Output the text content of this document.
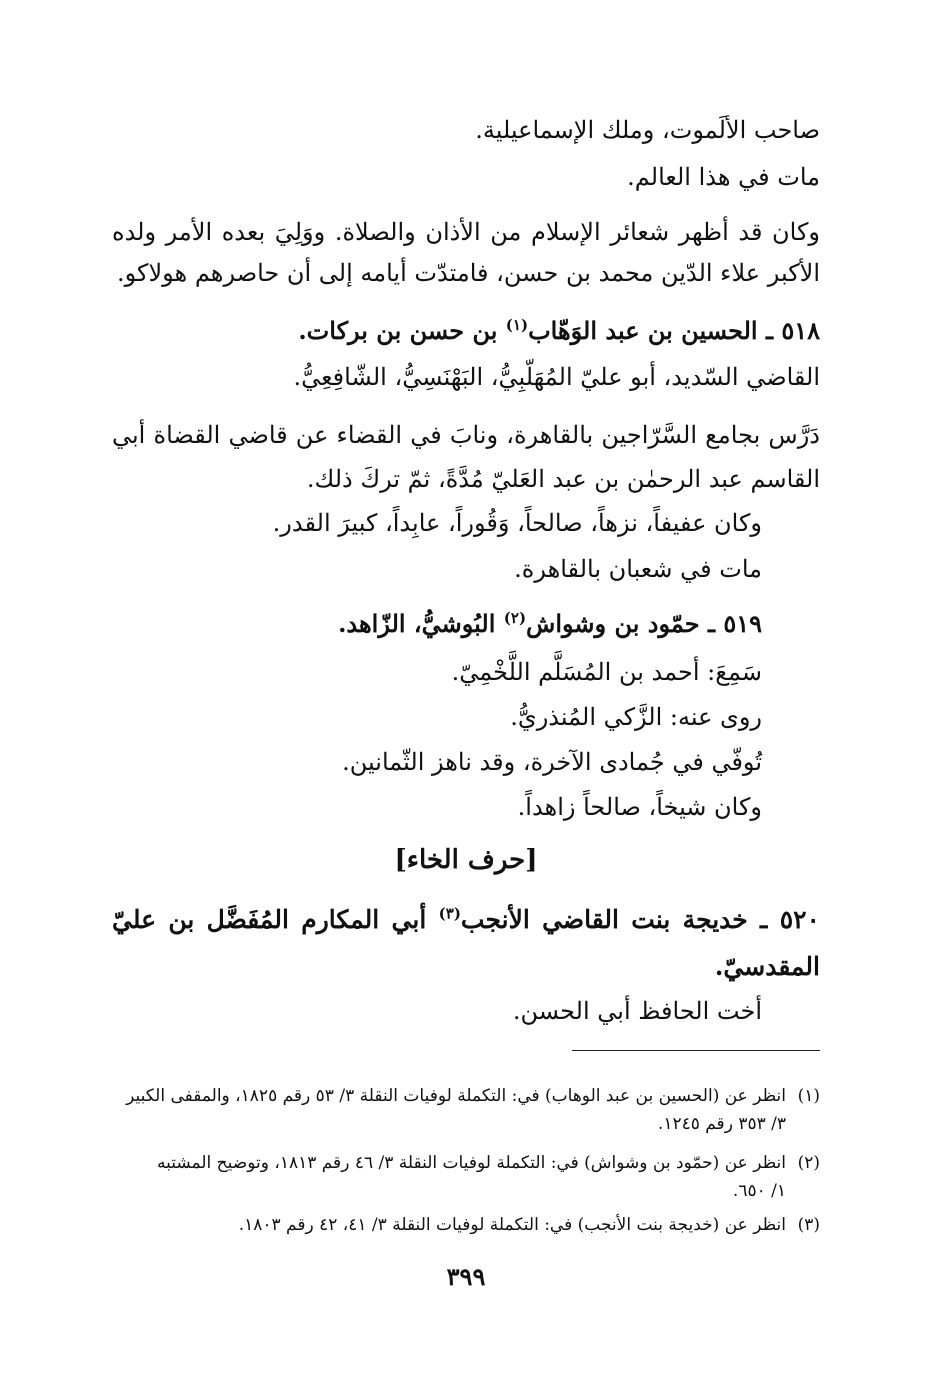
صاحب الألَموت، وملك الإسماعيلية.
مات في هذا العالم.
وكان قد أظهر شعائر الإسلام من الأذان والصلاة. ووَلِيَ بعده الأمر ولده
الأكبر علاء الدّين محمد بن حسن، فامتدّت أيامه إلى أن حاصرهم هولاكو.
٥١٨ ـ الحسين بن عبد الوَهّاب$^{(١)}$ بن حسن بن بركات.
القاضي السّديد، أبو عليّ المُهَلّبِيُّ، البَهْنَسِيُّ، الشّافِعِيُّ.
دَرَّس بجامع السَّرّاجين بالقاهرة، ونابَ في القضاء عن قاضي القضاة أبي
القاسم عبد الرحمٰن بن عبد العَليّ مُدَّةً، ثمّ تركَ ذلك.
وكان عفيفاً، نزهاً، صالحاً، وَقُوراً، عابِداً، كبيرَ القدر.
مات في شعبان بالقاهرة.
٥١٩ ـ حمّود بن وشواش$^{(٢)}$ البُوشيُّ، الزّاهد.
سَمِعَ: أحمد بن المُسَلَّم اللَّخْمِيّ.
روى عنه: الزَّكي المُنذريُّ.
تُوفّي في جُمادى الآخرة، وقد ناهز الثّمانين.
وكان شيخاً، صالحاً زاهداً.
[حرف الخاء]
٥٢٠ ـ خديجة بنت القاضي الأنجب$^{(٣)}$ أبي المكارم المُفَضَّل بن عليّ
المقدسيّ.
أخت الحافظ أبي الحسن.
(١)انظر عن (الحسين بن عبد الوهاب) في: التكملة لوفيات النقلة ٣/ ٥٣ رقم ١٨٢٥، والمقفى الكبير
٣/ ٣٥٣ رقم ١٢٤٥.
(٢)انظر عن (حمّود بن وشواش) في: التكملة لوفيات النقلة ٣/ ٤٦ رقم ١٨١٣، وتوضيح المشتبه
١/ ٦٥٠.
(٣)انظر عن (خديجة بنت الأنجب) في: التكملة لوفيات النقلة ٣/ ٤١، ٤٢ رقم ١٨٠٣.
٣٩٩
